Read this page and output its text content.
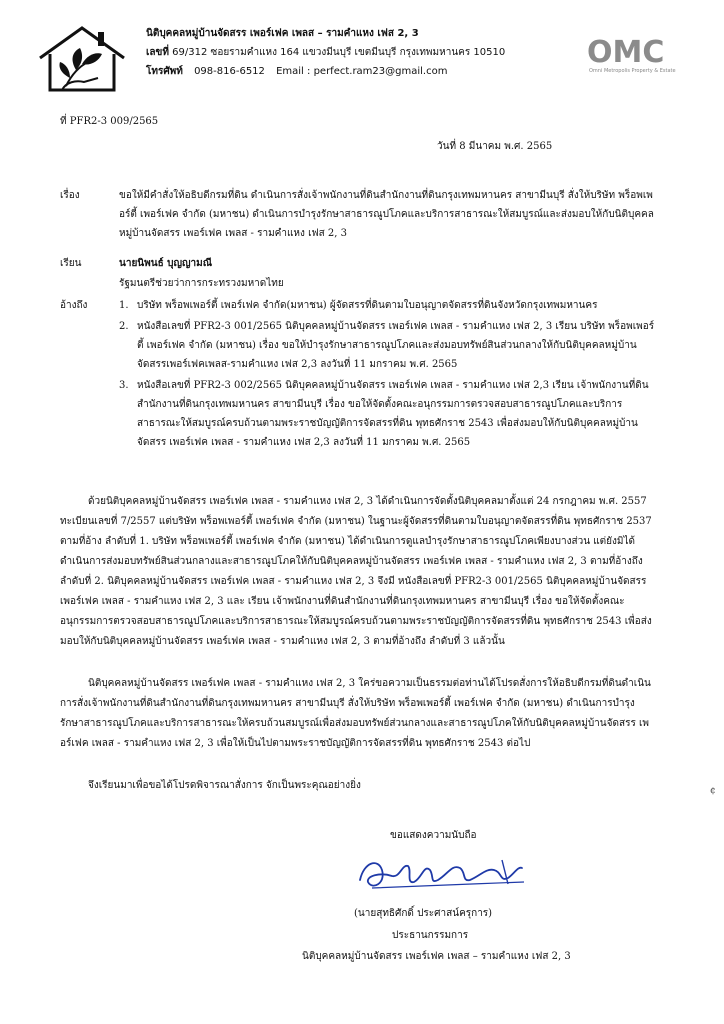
นิติบุคคลหมู่บ้านจัดสรร เพอร์เฟค เพลส – รามคำแหง เฟส 2, 3
เลขที่ 69/312 ซอยรามคำแหง 164 แขวงมีนบุรี เขตมีนบุรี กรุงเทพมหานคร 10510
โทรศัพท์ 098-816-6512 Email : perfect.ram23@gmail.com
OMC
Omni Metropolis Property & Estate
ที่ PFR2-3 009/2565
วันที่ 8 มีนาคม พ.ศ. 2565
เรื่อง	ขอให้มีคำสั่งให้อธิบดีกรมที่ดิน ดำเนินการสั่งเจ้าพนักงานที่ดินสำนักงานที่ดินกรุงเทพมหานคร สาขามีนบุรี สั่งให้บริษัท พร็อพเพอร์ตี้ เพอร์เฟค จำกัด (มหาชน) ดำเนินการบำรุงรักษาสาธารณูปโภคและบริการสาธารณะให้สมบูรณ์และส่งมอบให้กับนิติบุคคลหมู่บ้านจัดสรร เพอร์เฟค เพลส - รามคำแหง เฟส 2, 3
เรียน	นายนิพนธ์ บุญญามณี
รัฐมนตรีช่วยว่าการกระทรวงมหาดไทย
อ้างถึง	1. บริษัท พร็อพเพอร์ตี้ เพอร์เฟค จำกัด(มหาชน) ผู้จัดสรรที่ดินตามใบอนุญาตจัดสรรที่ดินจังหวัดกรุงเทพมหานคร
2. หนังสือเลขที่ PFR2-3 001/2565 นิติบุคคลหมู่บ้านจัดสรร เพอร์เฟค เพลส - รามคำแหง เฟส 2, 3 เรียน บริษัท พร็อพเพอร์ตี้ เพอร์เฟค จำกัด (มหาชน) เรื่อง ขอให้บำรุงรักษาสาธารณูปโภคและส่งมอบทรัพย์สินส่วนกลางให้กับนิติบุคคลหมู่บ้านจัดสรรเพอร์เฟคเพลส-รามคำแหง เฟส 2,3 ลงวันที่ 11 มกราคม พ.ศ. 2565
3. หนังสือเลขที่ PFR2-3 002/2565 นิติบุคคลหมู่บ้านจัดสรร เพอร์เฟค เพลส - รามคำแหง เฟส 2,3 เรียน เจ้าพนักงานที่ดินสำนักงานที่ดินกรุงเทพมหานคร สาขามีนบุรี เรื่อง ขอให้จัดตั้งคณะอนุกรรมการตรวจสอบสาธารณูปโภคและบริการสาธารณะให้สมบูรณ์ครบถ้วนตามพระราชบัญญัติการจัดสรรที่ดิน พุทธศักราช 2543 เพื่อส่งมอบให้กับนิติบุคคลหมู่บ้านจัดสรร เพอร์เฟค เพลส - รามคำแหง เฟส 2,3 ลงวันที่ 11 มกราคม พ.ศ. 2565
ด้วยนิติบุคคลหมู่บ้านจัดสรร เพอร์เฟค เพลส - รามคำแหง เฟส 2, 3 ได้ดำเนินการจัดตั้งนิติบุคคลมาตั้งแต่ 24 กรกฎาคม พ.ศ. 2557 ทะเบียนเลขที่ 7/2557 แต่บริษัท พร็อพเพอร์ตี้ เพอร์เฟค จำกัด (มหาชน) ในฐานะผู้จัดสรรที่ดินตามใบอนุญาตจัดสรรที่ดิน พุทธศักราช 2537 ตามที่อ้าง ลำดับที่ 1. บริษัท พร็อพเพอร์ตี้ เพอร์เฟค จำกัด (มหาชน) ได้ดำเนินการดูแลบำรุงรักษาสาธารณูปโภคเพียงบางส่วน แต่ยังมิได้ดำเนินการส่งมอบทรัพย์สินส่วนกลางและสาธารณูปโภคให้กับนิติบุคคลหมู่บ้านจัดสรร เพอร์เฟค เพลส - รามคำแหง เฟส 2, 3 ตามที่อ้างถึงลำดับที่ 2. นิติบุคคลหมู่บ้านจัดสรร เพอร์เฟค เพลส - รามคำแหง เฟส 2, 3 จึงมี หนังสือเลขที่ PFR2-3 001/2565 นิติบุคคลหมู่บ้านจัดสรร เพอร์เฟค เพลส - รามคำแหง เฟส 2, 3 และ เรียน เจ้าพนักงานที่ดินสำนักงานที่ดินกรุงเทพมหานคร สาขามีนบุรี เรื่อง ขอให้จัดตั้งคณะอนุกรรมการตรวจสอบสาธารณูปโภคและบริการสาธารณะให้สมบูรณ์ครบถ้วนตามพระราชบัญญัติการจัดสรรที่ดิน พุทธศักราช 2543 เพื่อส่งมอบให้กับนิติบุคคลหมู่บ้านจัดสรร เพอร์เฟค เพลส - รามคำแหง เฟส 2, 3 ตามที่อ้างถึง ลำดับที่ 3 แล้วนั้น
นิติบุคคลหมู่บ้านจัดสรร เพอร์เฟค เพลส - รามคำแหง เฟส 2, 3 ใคร่ขอความเป็นธรรมต่อท่านได้โปรดสั่งการให้อธิบดีกรมที่ดินดำเนินการสั่งเจ้าพนักงานที่ดินสำนักงานที่ดินกรุงเทพมหานคร สาขามีนบุรี สั่งให้บริษัท พร็อพเพอร์ตี้ เพอร์เฟค จำกัด (มหาชน) ดำเนินการบำรุงรักษาสาธารณูปโภคและบริการสาธารณะให้ครบถ้วนสมบูรณ์เพื่อส่งมอบทรัพย์ส่วนกลางและสาธารณูปโภคให้กับนิติบุคคลหมู่บ้านจัดสรร เพอร์เฟค เพลส - รามคำแหง เฟส 2, 3 เพื่อให้เป็นไปตามพระราชบัญญัติการจัดสรรที่ดิน พุทธศักราช 2543 ต่อไป
จึงเรียนมาเพื่อขอได้โปรดพิจารณาสั่งการ จักเป็นพระคุณอย่างยิ่ง	¢
ขอแสดงความนับถือ
(นายสุทธิศักดิ์ ประศาสน์ครุการ)
ประธานกรรมการ
นิติบุคคลหมู่บ้านจัดสรร เพอร์เฟค เพลส – รามคำแหง เฟส 2, 3
